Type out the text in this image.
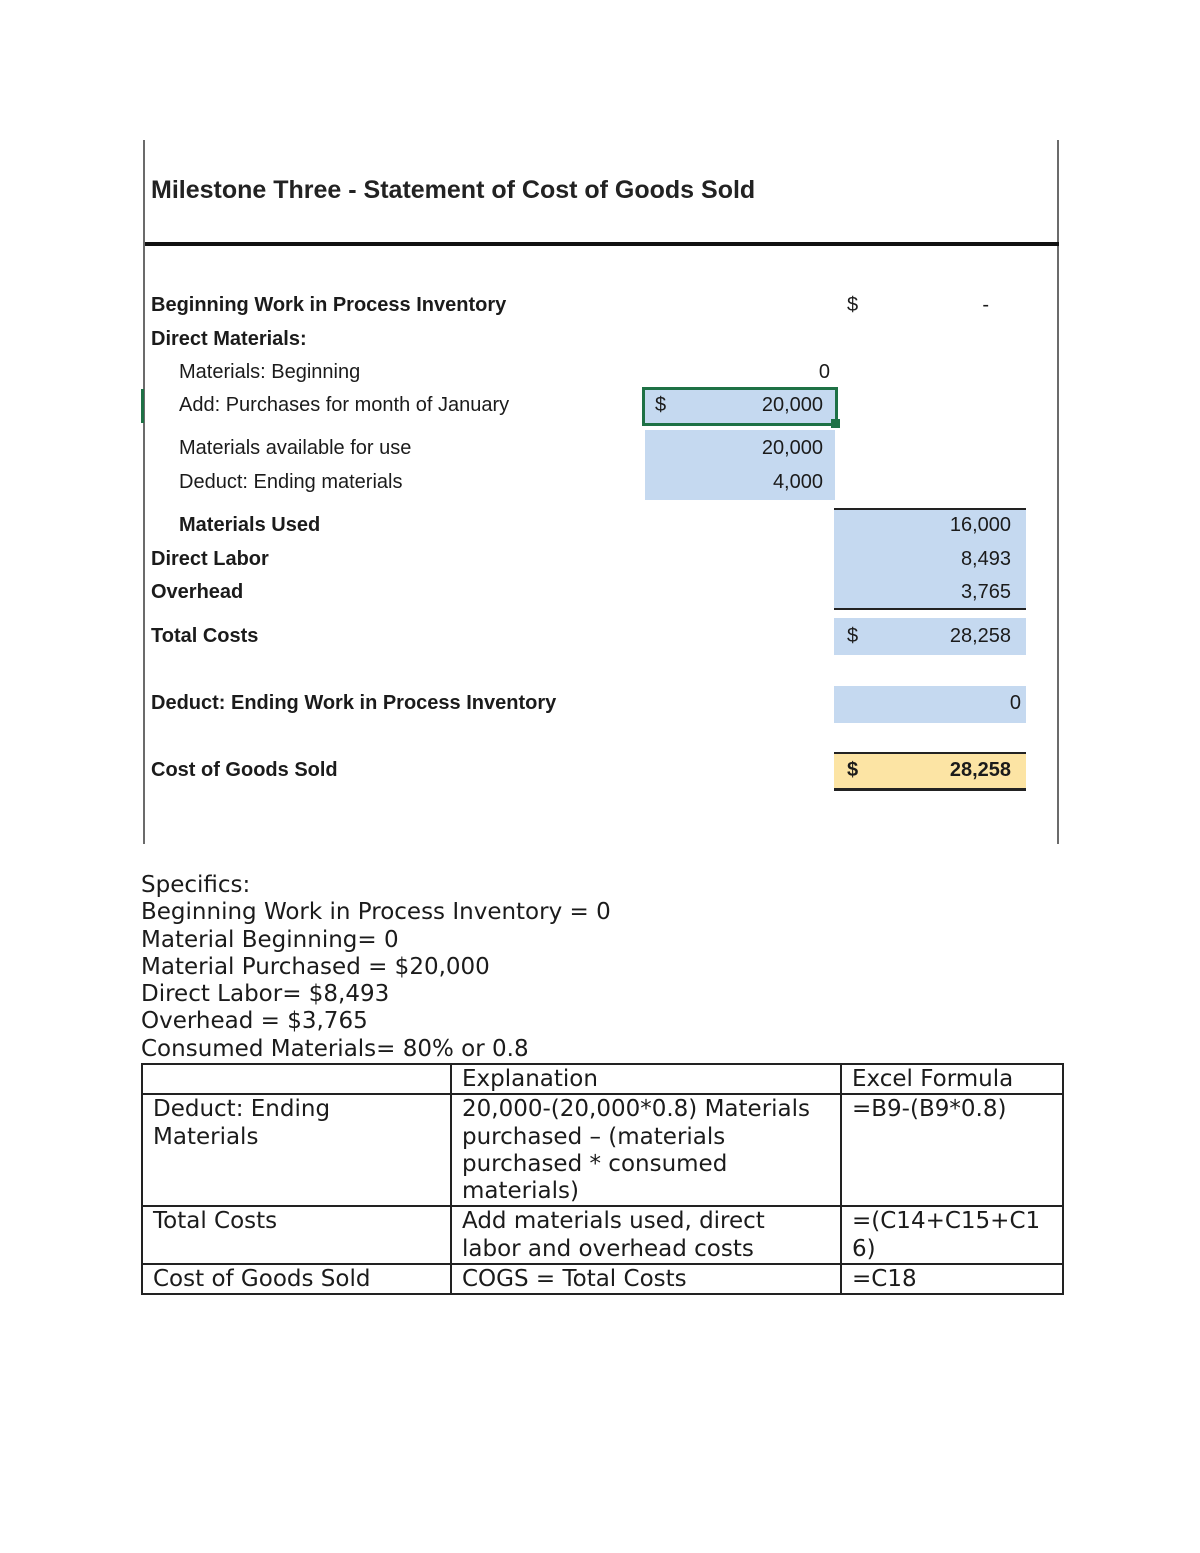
Milestone Three - Statement of Cost of Goods Sold
Beginning Work in Process Inventory	$	-
Direct Materials:
Materials: Beginning	0
Add: Purchases for month of January	$	20,000
Materials available for use	20,000
Deduct: Ending materials	4,000
Materials Used	16,000
Direct Labor	8,493
Overhead	3,765
Total Costs	$	28,258
Deduct: Ending Work in Process Inventory	0
Cost of Goods Sold	$	28,258
Specifics:
Beginning Work in Process Inventory = 0
Material Beginning= 0
Material Purchased = $20,000
Direct Labor= $8,493
Overhead = $3,765
Consumed Materials= 80% or 0.8
	Explanation	Excel Formula
Deduct: Ending Materials	20,000-(20,000*0.8) Materials purchased – (materials purchased * consumed materials)	=B9-(B9*0.8)
Total Costs	Add materials used, direct labor and overhead costs	=(C14+C15+C16)
Cost of Goods Sold	COGS = Total Costs	=C18
